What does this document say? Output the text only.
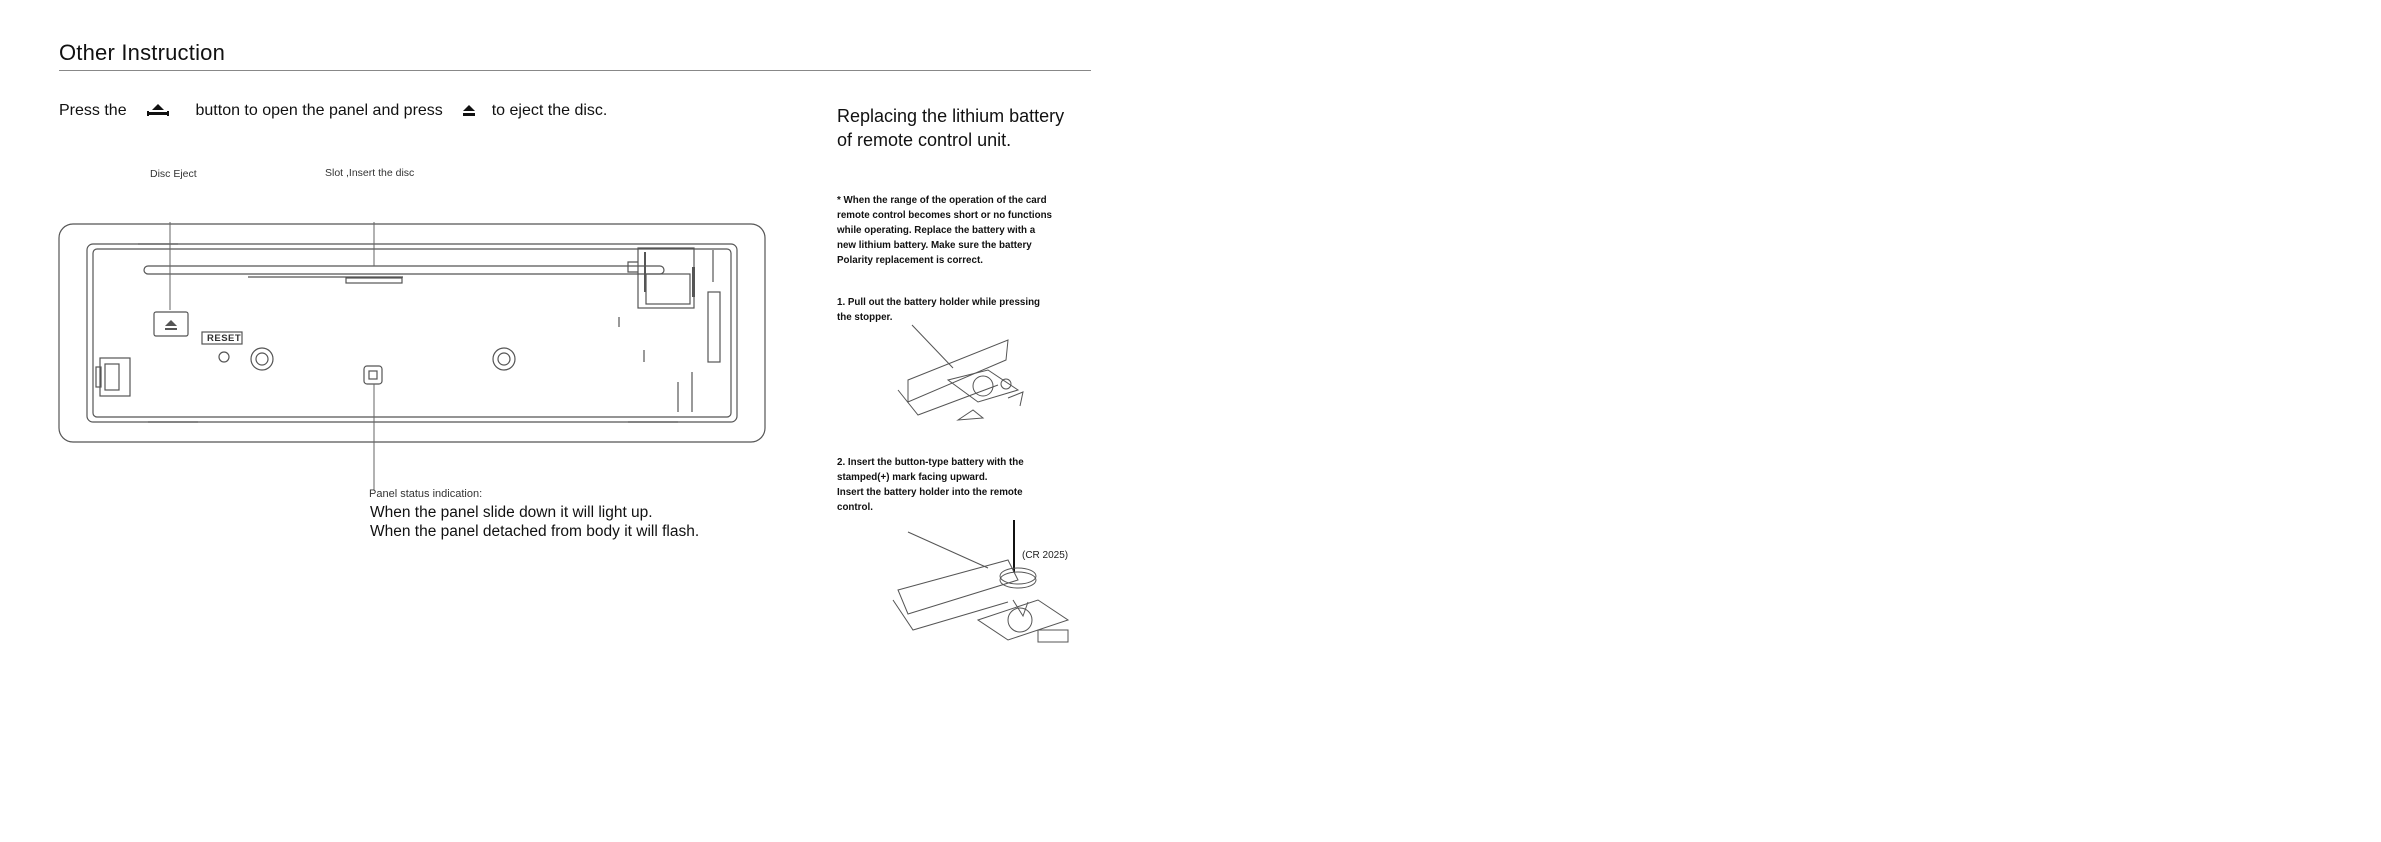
Other Instruction
Press the	button to open the panel and press	to eject the disc.
Disc Eject	Slot ,Insert the disc
RESET
Panel status indication:
When the panel slide down it will light up.
When the panel detached from body it will flash.
Replacing the lithium battery
of remote control unit.
* When the range of the operation of the card
remote control becomes short or no functions
while operating. Replace the battery with a
new lithium battery. Make sure the battery
Polarity replacement is correct.
1. Pull out the battery holder while pressing
the stopper.
2. Insert the button-type battery with the
stamped(+) mark facing upward.
Insert the battery holder into the remote
control.
(CR 2025)
